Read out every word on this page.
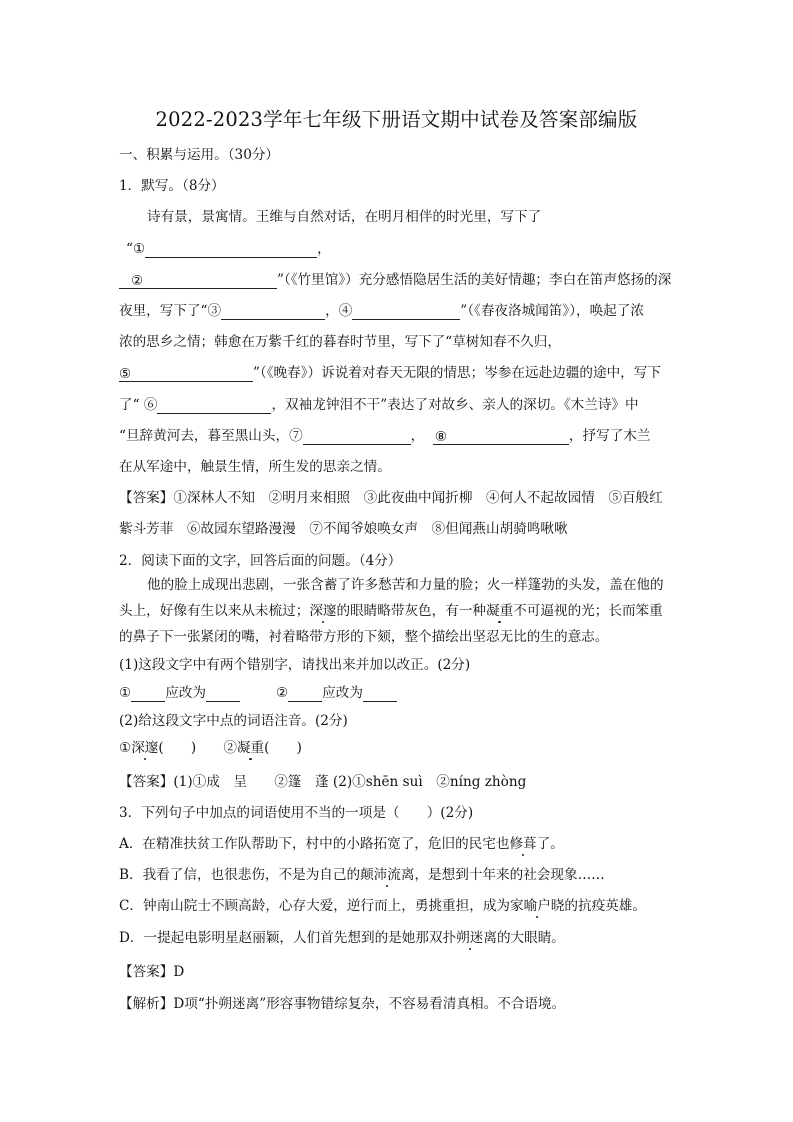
2022-2023学年七年级下册语文期中试卷及答案部编版
一、积累与运用。（30分）
1．默写。（8分）
诗有景，景寓情。王维与自然对话，在明月相伴的时光里，写下了
“①	，
②	”（《竹里馆》）充分感悟隐居生活的美好情趣；李白在笛声悠扬的深
夜里，写下了“③	，④	”（《春夜洛城闻笛》），唤起了浓
浓的思乡之情；韩愈在万紫千红的暮春时节里，写下了“草树知春不久归，
⑤	”（《晚春》）诉说着对春天无限的情思；岑参在远赴边疆的途中，写下
了“ ⑥	，双袖龙钟泪不干”表达了对故乡、亲人的深切。《木兰诗》中
“旦辞黄河去，暮至黑山头，⑦	， ⑧	，抒写了木兰
在从军途中，触景生情，所生发的思亲之情。
【答案】①深林人不知　②明月来相照　③此夜曲中闻折柳　④何人不起故园情　⑤百般红
紫斗芳菲　⑥故园东望路漫漫　⑦不闻爷娘唤女声　⑧但闻燕山胡骑鸣啾啾
2．阅读下面的文字，回答后面的问题。（4分）
他的脸上成现出悲剧，一张含蓄了许多愁苦和力量的脸；火一样篷勃的头发，盖在他的
头上，好像有生以来从未梳过；深邃的眼睛略带灰色，有一种凝重不可逼视的光；长而笨重
的鼻子下一张紧闭的嘴，衬着略带方形的下颏，整个描绘出坚忍无比的生的意志。
(1)这段文字中有两个错别字，请找出来并加以改正。(2分)
①	应改为	②	应改为
(2)给这段文字中点的词语注音。(2分)
①深邃(　　)　　②凝重(　　)
【答案】(1)①成　呈　　②篷　蓬 (2)①shēn suì　②níng zhòng
3．下列句子中加点的词语使用不当的一项是（　　）(2分)
A．在精准扶贫工作队帮助下，村中的小路拓宽了，危旧的民宅也修葺了。
B．我看了信，也很悲伤，不是为自己的颠沛流离，是想到十年来的社会现象……
C．钟南山院士不顾高龄，心存大爱，逆行而上，勇挑重担，成为家喻户晓的抗疫英雄。
D．一提起电影明星赵丽颖，人们首先想到的是她那双扑朔迷离的大眼睛。
【答案】D
【解析】D项“扑朔迷离”形容事物错综复杂，不容易看清真相。不合语境。
